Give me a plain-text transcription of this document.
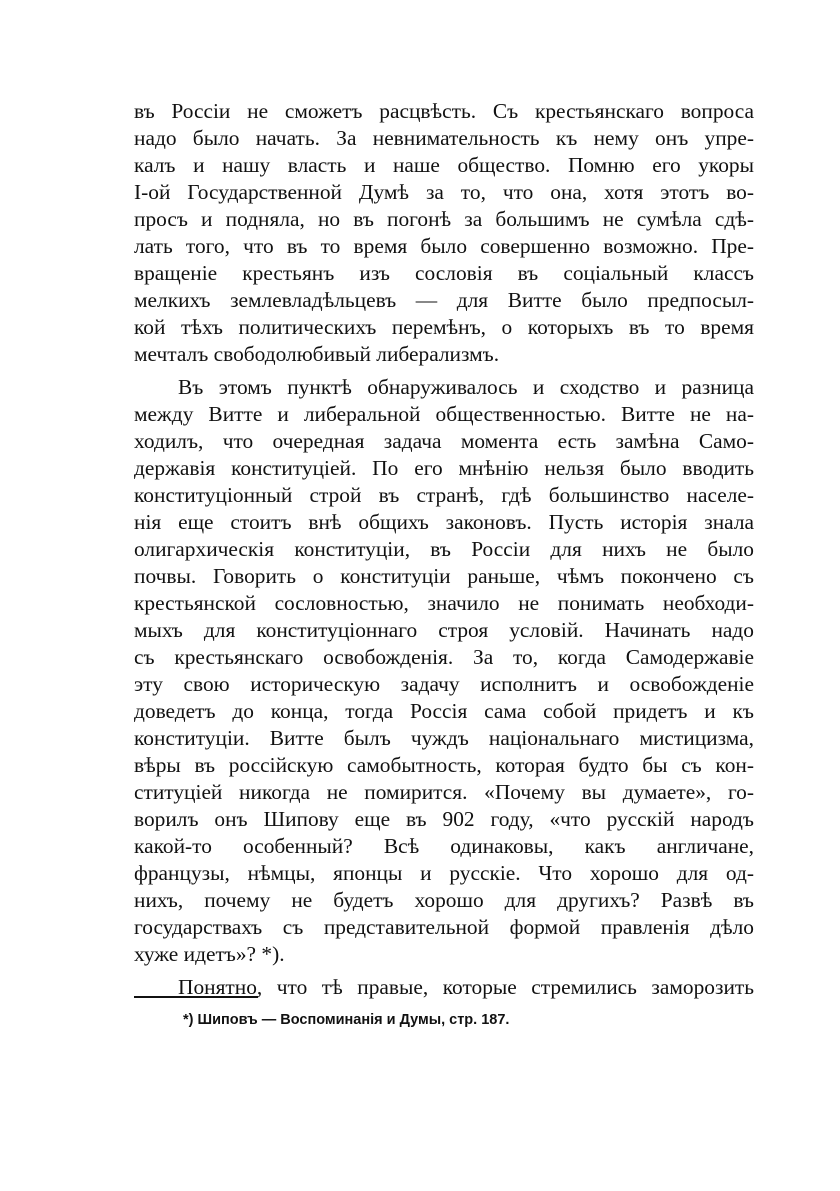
въ Россіи не сможетъ расцвѣсть. Съ крестьянскаго вопроса
надо было начать. За невнимательность къ нему онъ упре-
калъ и нашу власть и наше общество. Помню его укоры
I-ой Государственной Думѣ за то, что она, хотя этотъ во-
просъ и подняла, но въ погонѣ за большимъ не сумѣла сдѣ-
лать того, что въ то время было совершенно возможно. Пре-
вращеніе крестьянъ изъ сословія въ соціальный классъ
мелкихъ землевладѣльцевъ — для Витте было предпосыл-
кой тѣхъ политическихъ перемѣнъ, о которыхъ въ то время
мечталъ свободолюбивый либерализмъ.
Въ этомъ пунктѣ обнаруживалось и сходство и разница
между Витте и либеральной общественностью. Витте не на-
ходилъ, что очередная задача момента есть замѣна Само-
державія конституціей. По его мнѣнію нельзя было вводить
конституціонный строй въ странѣ, гдѣ большинство населе-
нія еще стоитъ внѣ общихъ законовъ. Пусть исторія знала
олигархическія конституціи, въ Россіи для нихъ не было
почвы. Говорить о конституціи раньше, чѣмъ покончено съ
крестьянской сословностью, значило не понимать необходи-
мыхъ для конституціоннаго строя условій. Начинать надо
съ крестьянскаго освобожденія. За то, когда Самодержавіе
эту свою историческую задачу исполнитъ и освобожденіе
доведетъ до конца, тогда Россія сама собой придетъ и къ
конституціи. Витте былъ чуждъ національнаго мистицизма,
вѣры въ россійскую самобытность, которая будто бы съ кон-
ституціей никогда не помирится. «Почему вы думаете», го-
ворилъ онъ Шипову еще въ 902 году, «что русскій народъ
какой-то особенный? Всѣ одинаковы, какъ англичане,
французы, нѣмцы, японцы и русскіе. Что хорошо для од-
нихъ, почему не будетъ хорошо для другихъ? Развѣ въ
государствахъ съ представительной формой правленія дѣло
хуже идетъ»? *).
Понятно, что тѣ правые, которые стремились заморозить
*) Шиповъ — Воспоминанія и Думы, стр. 187.
